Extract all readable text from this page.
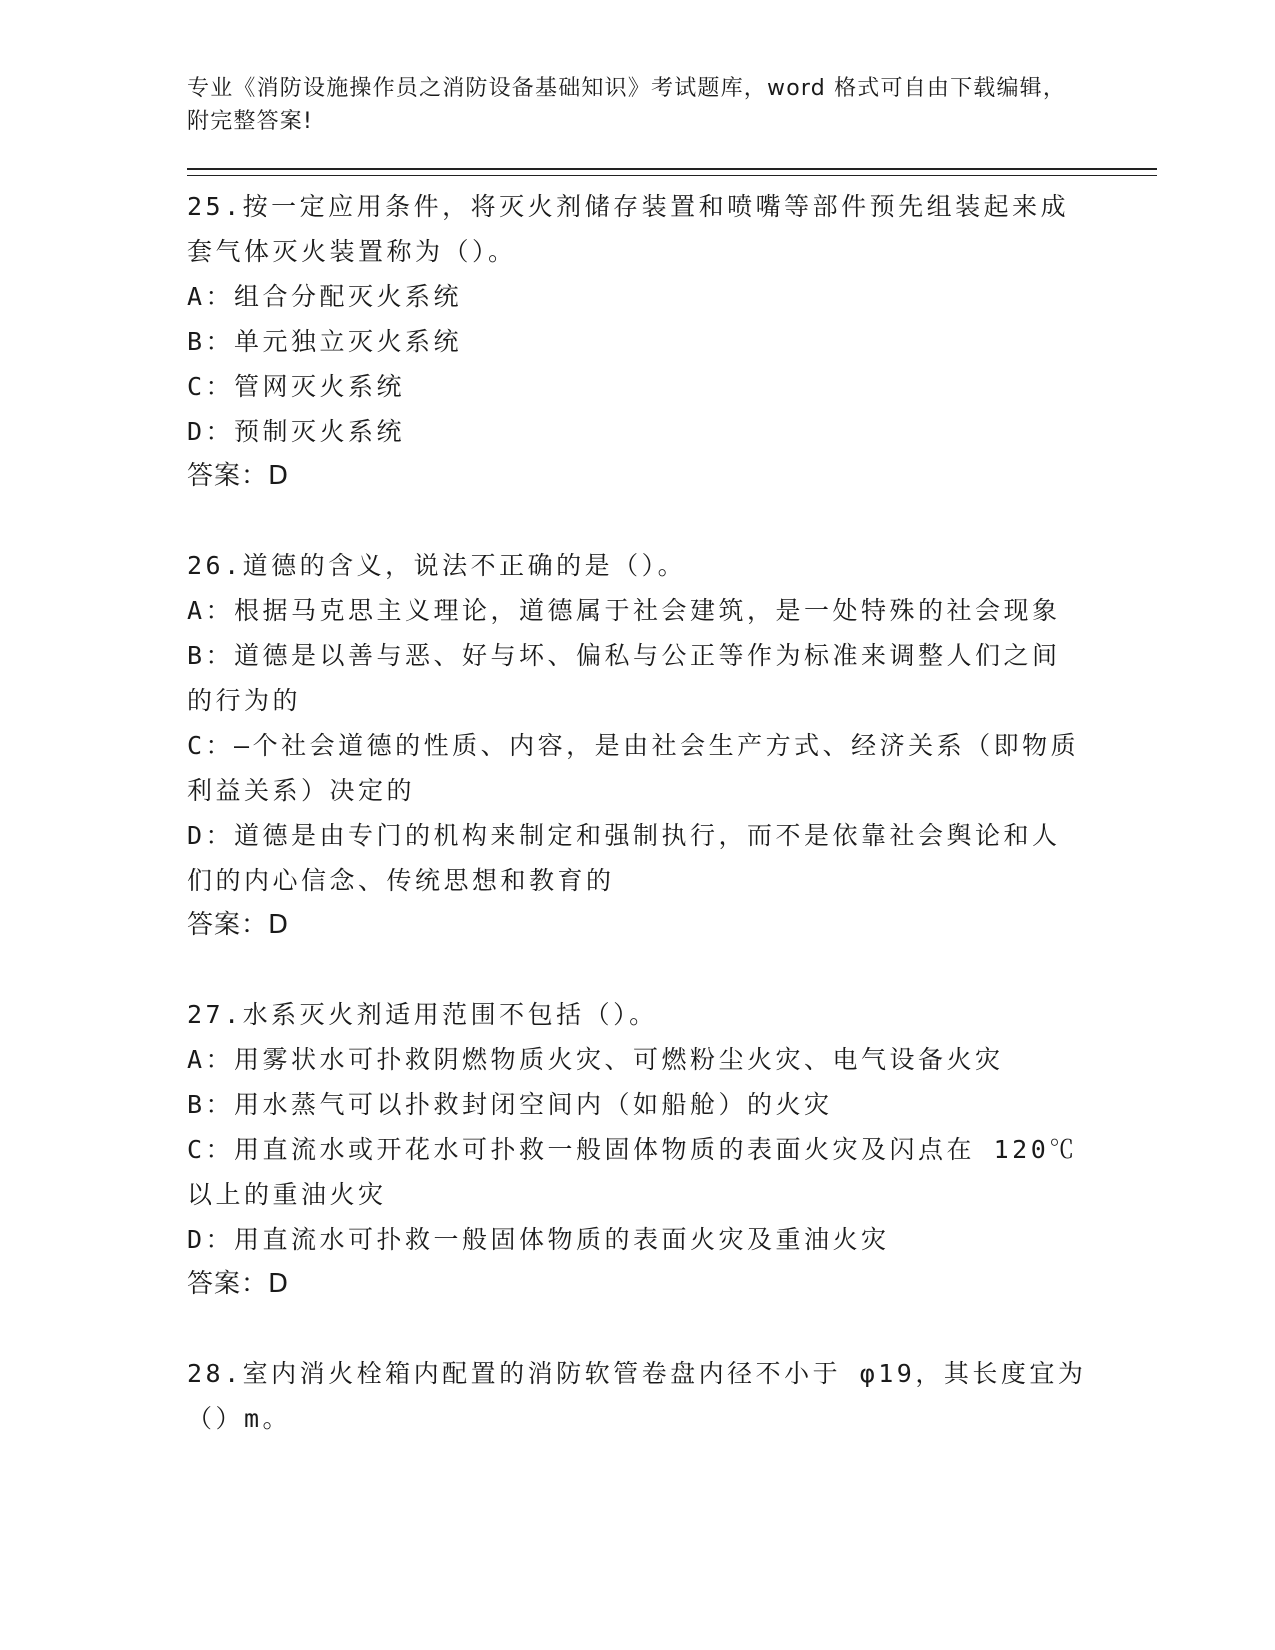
专业《消防设施操作员之消防设备基础知识》考试题库，word 格式可自由下载编辑，附完整答案!

25.按一定应用条件，将灭火剂储存装置和喷嘴等部件预先组装起来成套气体灭火装置称为（）。

A：组合分配灭火系统

B：单元独立灭火系统

C：管网灭火系统

D：预制灭火系统

答案：D

26.道德的含义，说法不正确的是（）。

A：根据马克思主义理论，道德属于社会建筑，是一处特殊的社会现象

B：道德是以善与恶、好与坏、偏私与公正等作为标准来调整人们之间的行为的

C：—个社会道德的性质、内容，是由社会生产方式、经济关系（即物质利益关系）决定的

D：道德是由专门的机构来制定和强制执行，而不是依靠社会舆论和人们的内心信念、传统思想和教育的

答案：D

27.水系灭火剂适用范围不包括（）。

A：用雾状水可扑救阴燃物质火灾、可燃粉尘火灾、电气设备火灾

B：用水蒸气可以扑救封闭空间内（如船舱）的火灾

C：用直流水或开花水可扑救一般固体物质的表面火灾及闪点在 120℃以上的重油火灾

D：用直流水可扑救一般固体物质的表面火灾及重油火灾

答案：D

28.室内消火栓箱内配置的消防软管卷盘内径不小于 φ19，其长度宜为（）m。
